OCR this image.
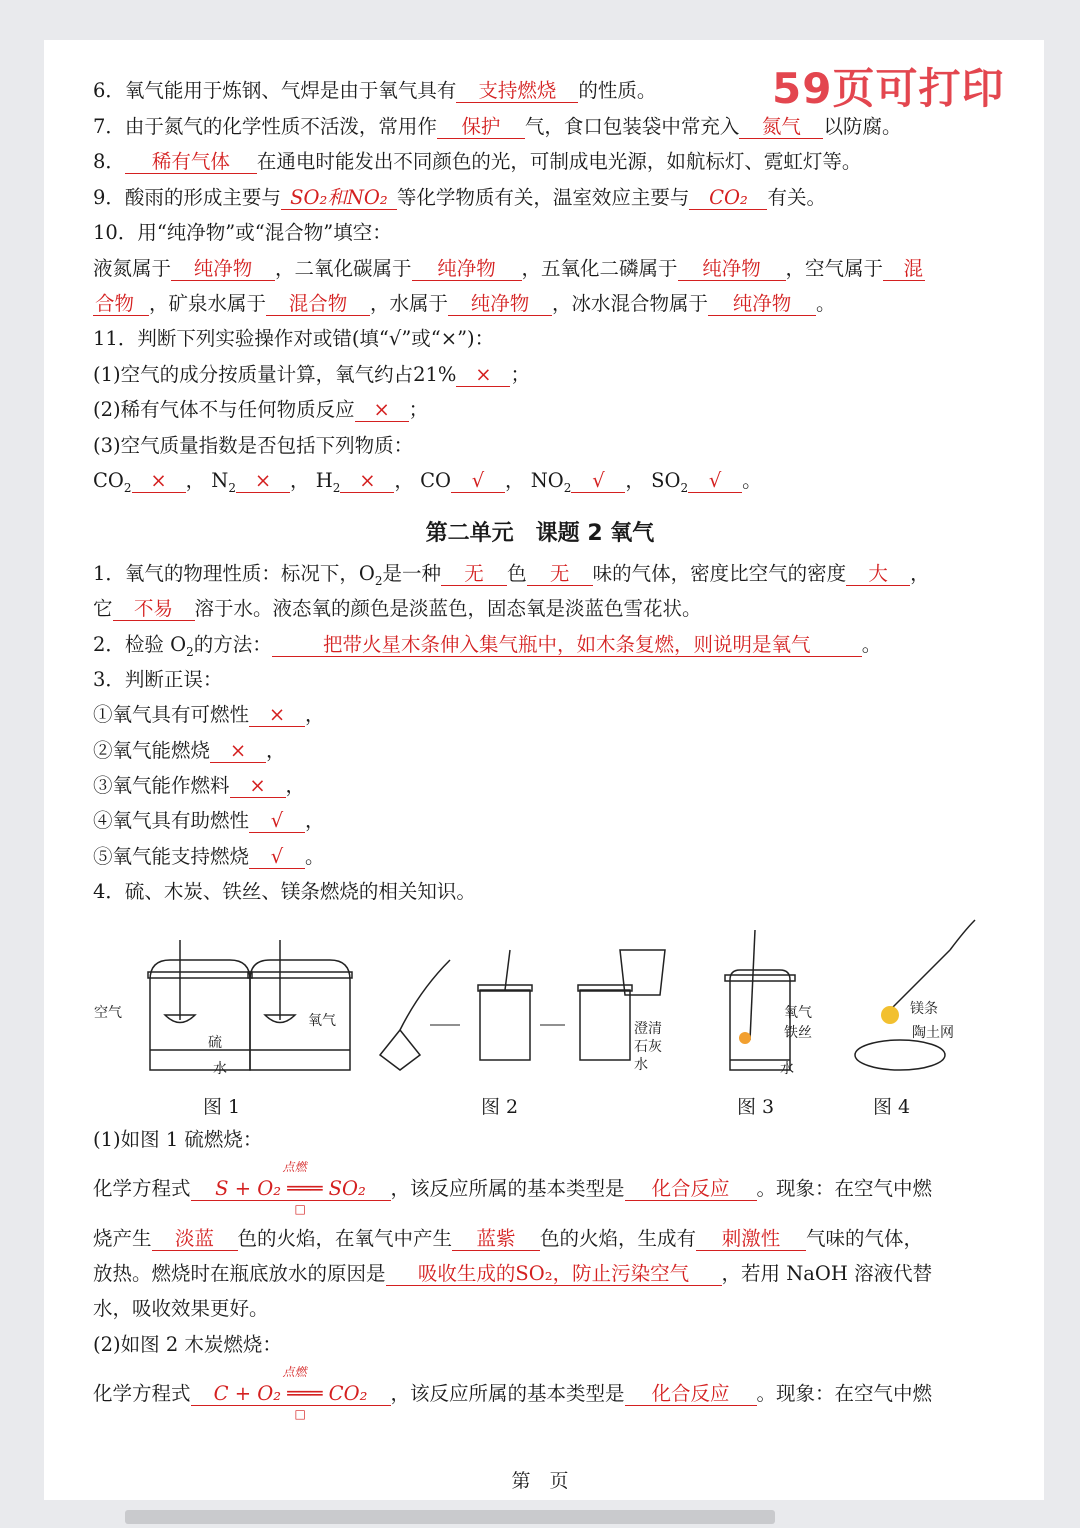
59页可打印
6．氧气能用于炼钢、气焊是由于氧气具有 支持燃烧 的性质。
7．由于氮气的化学性质不活泼，常用作 保护 气，食口包装袋中常充入 氮气 以防腐。
8． 稀有气体 在通电时能发出不同颜色的光，可制成电光源，如航标灯、霓虹灯等。
9．酸雨的形成主要与 SO₂和NO₂ 等化学物质有关，温室效应主要与 CO₂ 有关。
10．用“纯净物”或“混合物”填空：
液氮属于 纯净物 ，二氧化碳属于 纯净物 ，五氧化二磷属于 纯净物 ，空气属于 混
合物 ，矿泉水属于 混合物 ，水属于 纯净物 ，冰水混合物属于 纯净物 。
11．判断下列实验操作对或错(填“√”或“×”)：
(1)空气的成分按质量计算，氧气约占21% × ；
(2)稀有气体不与任何物质反应 × ；
(3)空气质量指数是否包括下列物质：
$CO_2$ × ， $N_2$ × ， $H_2$ × ， CO √ ， $NO_2$ √ ， $SO_2$ √ 。
第二单元　课题 2 氧气
1．氧气的物理性质：标况下，$O_2$是一种 无 色 无 味的气体，密度比空气的密度 大 ，
它 不易 溶于水。液态氧的颜色是淡蓝色，固态氧是淡蓝色雪花状。
2．检验 $O_2$的方法：	把带火星木条伸入集气瓶中，如木条复燃，则说明是氧气	。
3．判断正误：
①氧气具有可燃性 × ，
②氧气能燃烧 × ，
③氧气能作燃料 × ，
④氧气具有助燃性 √ ，
⑤氧气能支持燃烧 √ 。
4．硫、木炭、铁丝、镁条燃烧的相关知识。
空气
硫
水
氧气	澄清
石灰
水
氧气
铁丝
水
镁条
陶土网
图 1	图 2	图 3	图 4
(1)如图 1 硫燃烧：
化学方程式
点燃
S + O₂ ═══ SO₂
□
，该反应所属的基本类型是 化合反应 。现象：在空气中燃
烧产生 淡蓝 色的火焰，在氧气中产生 蓝紫 色的火焰，生成有 刺激性 气味的气体，
放热。燃烧时在瓶底放水的原因是 吸收生成的SO₂，防止污染空气 ，若用 NaOH 溶液代替
水，吸收效果更好。
(2)如图 2 木炭燃烧：
化学方程式
点燃
C + O₂ ═══ CO₂
□
，该反应所属的基本类型是 化合反应 。现象：在空气中燃
第　页
